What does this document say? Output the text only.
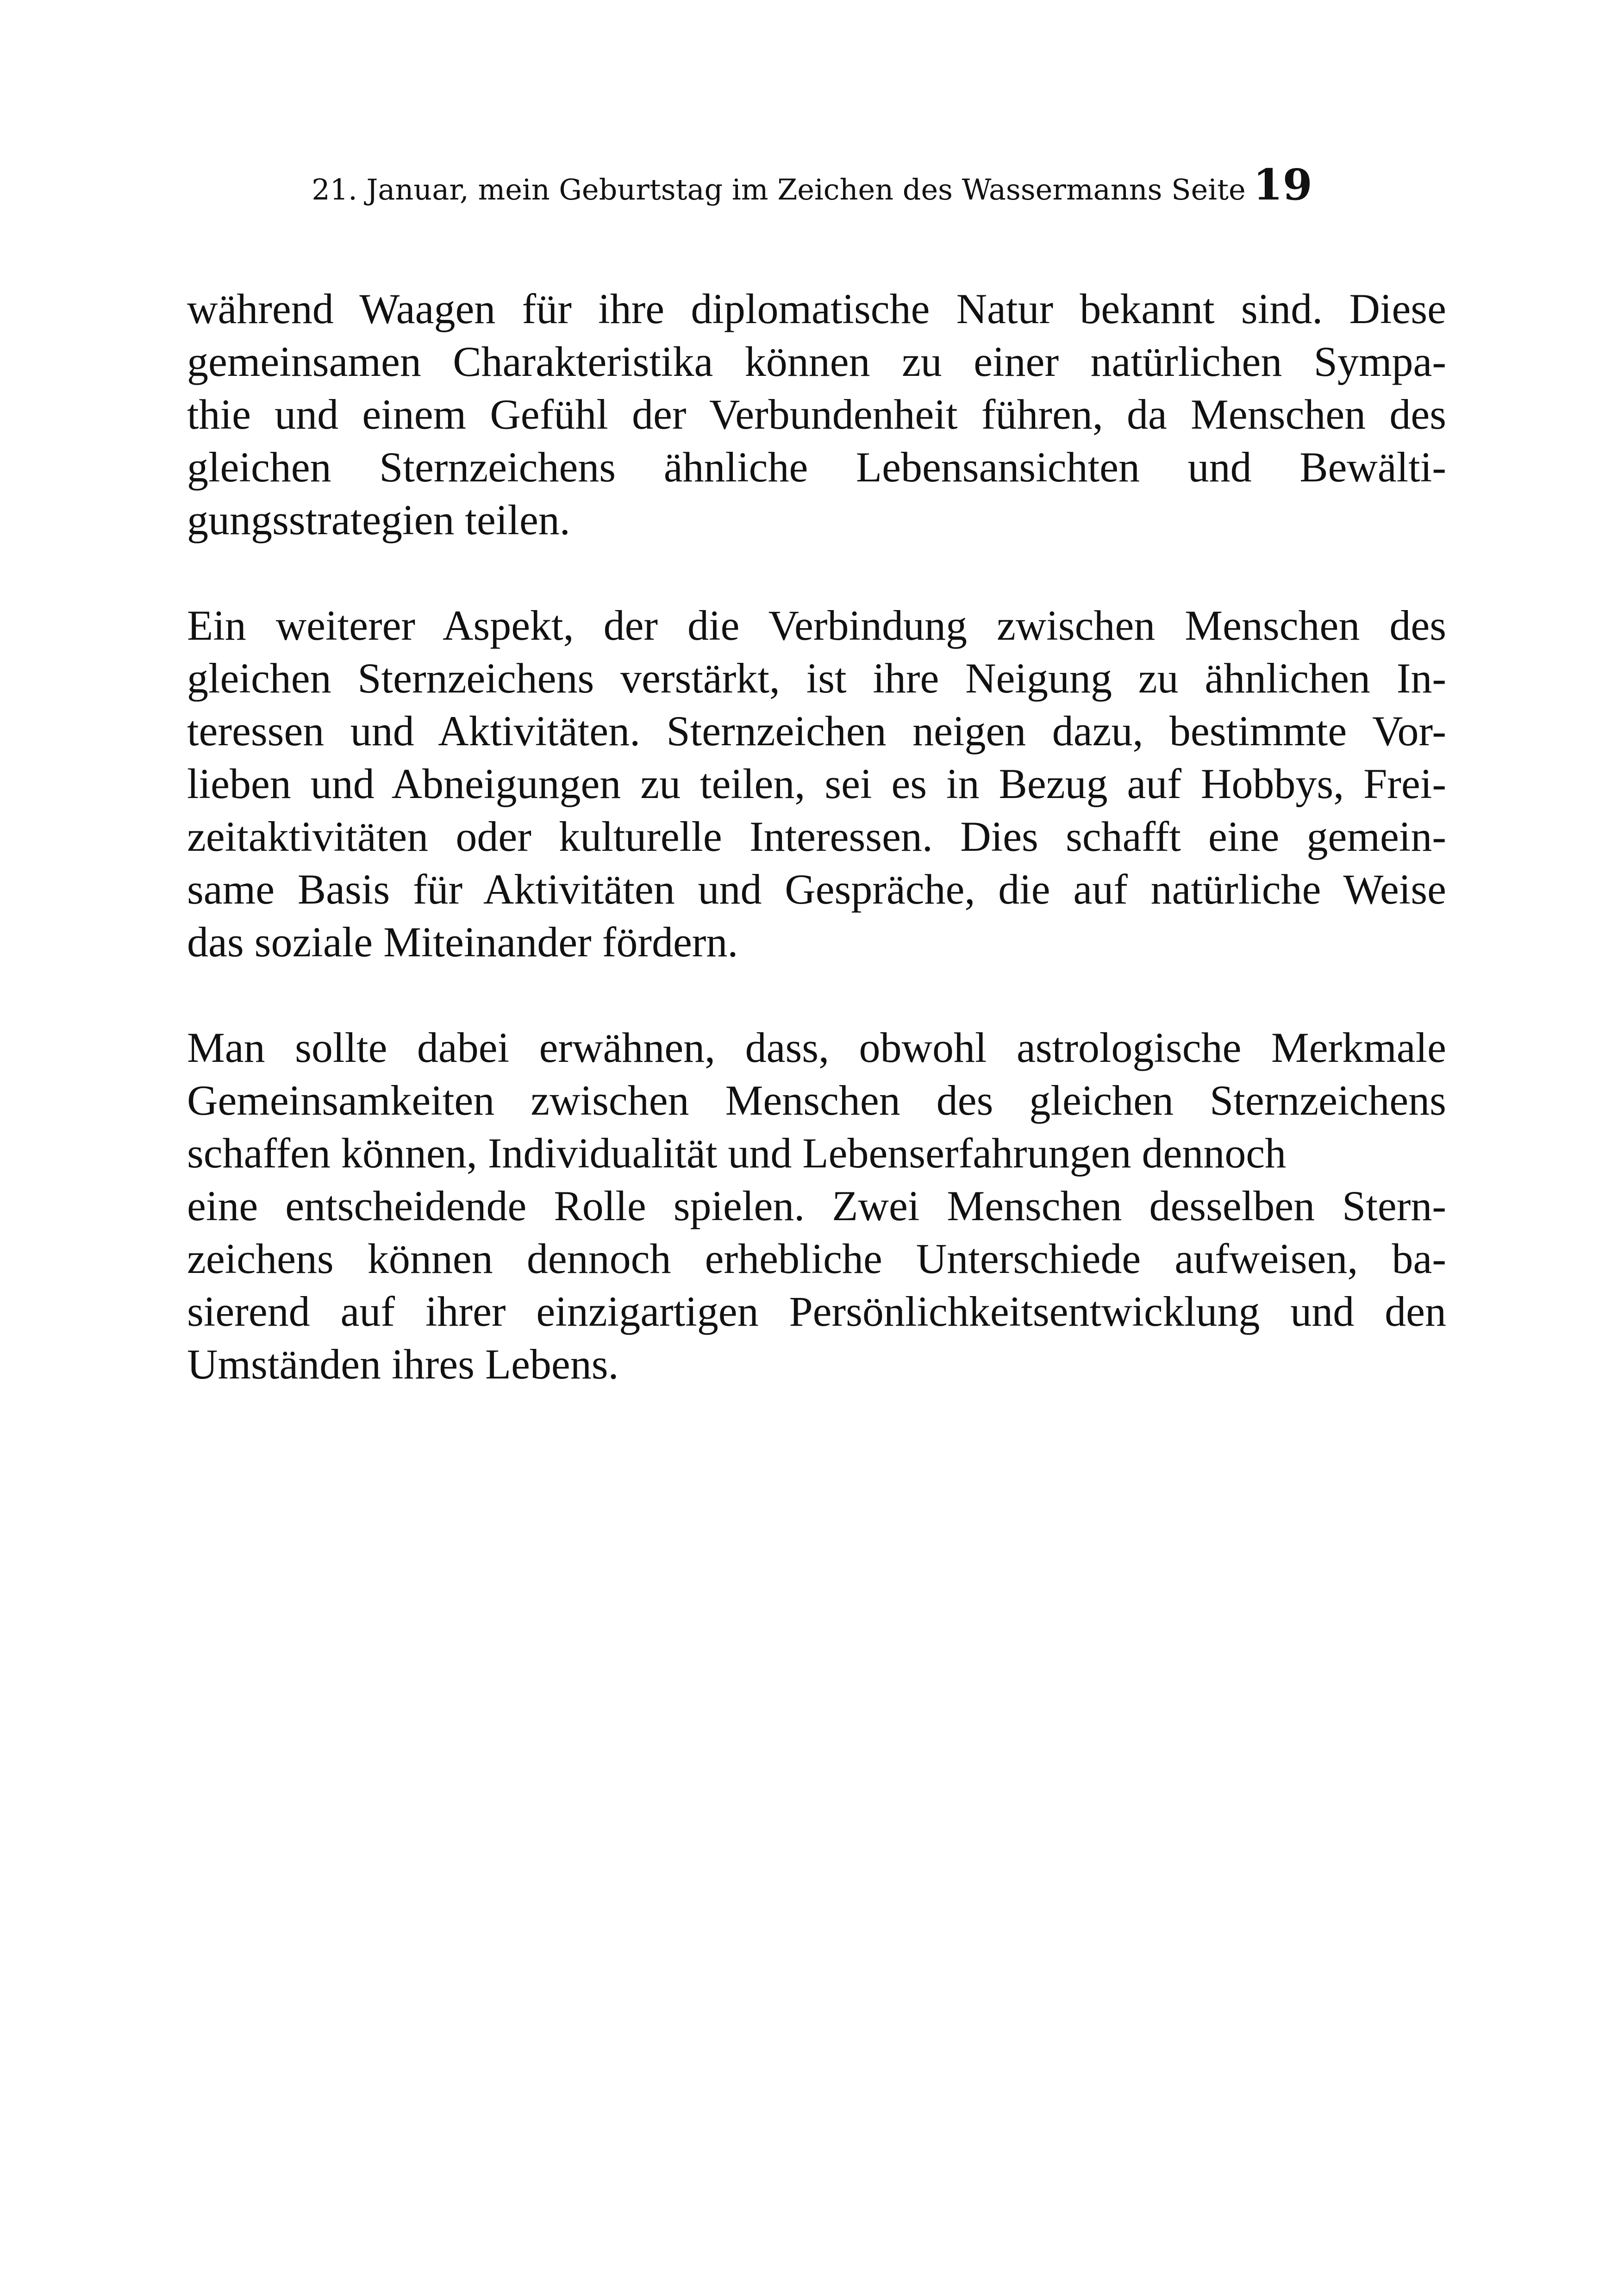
21. Januar, mein Geburtstag im Zeichen des Wassermanns Seite 19

während Waagen für ihre diplomatische Natur bekannt sind. Diese
gemeinsamen Charakteristika können zu einer natürlichen Sympa-
thie und einem Gefühl der Verbundenheit führen, da Menschen des
gleichen Sternzeichens ähnliche Lebensansichten und Bewälti-
gungsstrategien teilen.

Ein weiterer Aspekt, der die Verbindung zwischen Menschen des
gleichen Sternzeichens verstärkt, ist ihre Neigung zu ähnlichen In-
teressen und Aktivitäten. Sternzeichen neigen dazu, bestimmte Vor-
lieben und Abneigungen zu teilen, sei es in Bezug auf Hobbys, Frei-
zeitaktivitäten oder kulturelle Interessen. Dies schafft eine gemein-
same Basis für Aktivitäten und Gespräche, die auf natürliche Weise
das soziale Miteinander fördern.

Man sollte dabei erwähnen, dass, obwohl astrologische Merkmale
Gemeinsamkeiten zwischen Menschen des gleichen Sternzeichens
schaffen können, Individualität und Lebenserfahrungen dennoch
eine entscheidende Rolle spielen. Zwei Menschen desselben Stern-
zeichens können dennoch erhebliche Unterschiede aufweisen, ba-
sierend auf ihrer einzigartigen Persönlichkeitsentwicklung und den
Umständen ihres Lebens.
